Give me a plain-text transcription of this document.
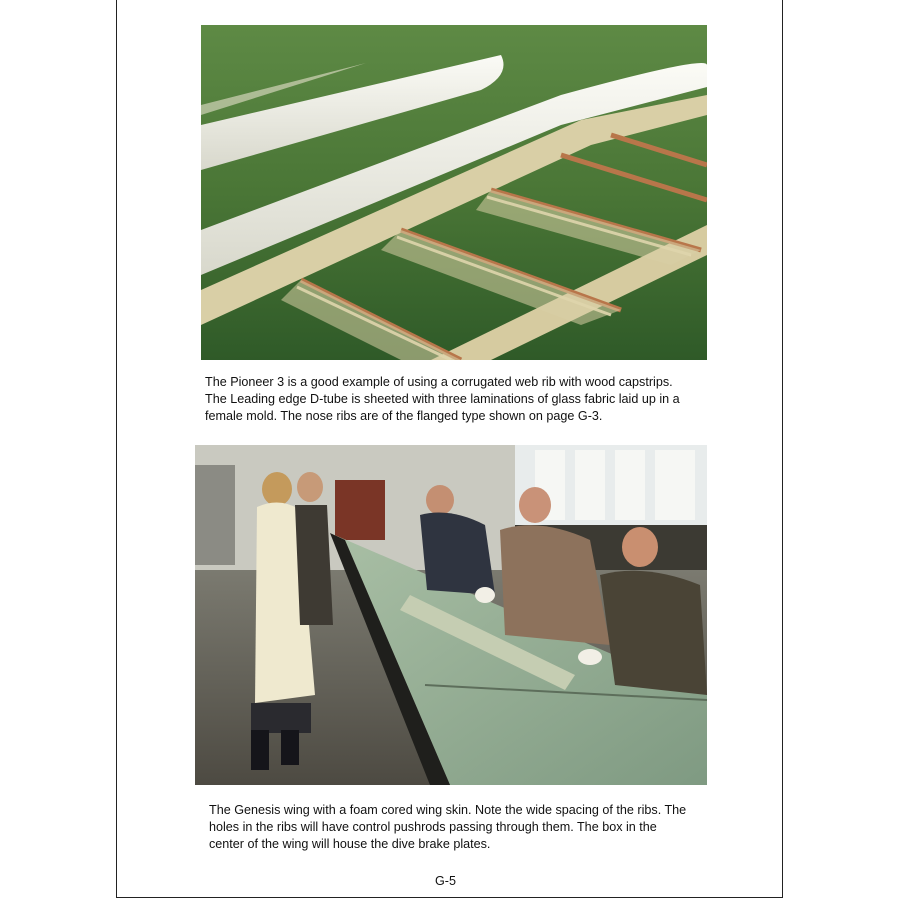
The Pioneer 3 is a good example of using a corrugated web rib with wood capstrips.
The Leading edge D-tube is sheeted with three laminations of glass fabric laid up in a
female mold. The nose ribs are of the flanged type shown on page G-3.

The Genesis wing with a foam cored wing skin. Note the wide spacing of the ribs. The
holes in the ribs will have control pushrods passing through them. The box in the
center of the wing will house the dive brake plates.

G-5
